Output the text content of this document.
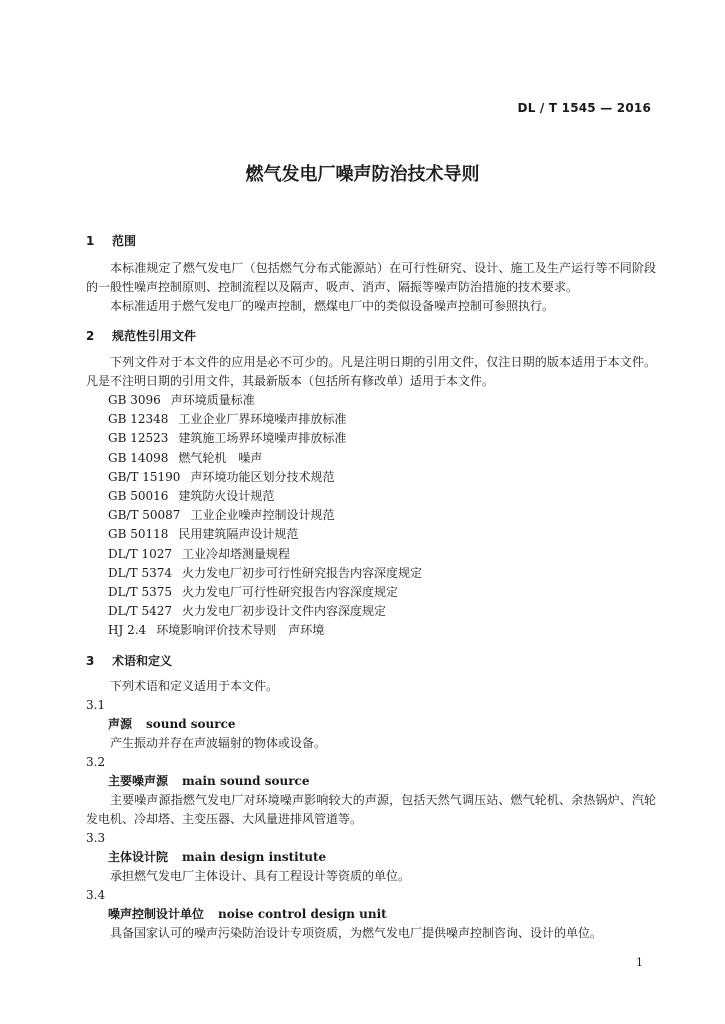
DL / T 1545 — 2016
燃气发电厂噪声防治技术导则
1 范围
本标准规定了燃气发电厂（包括燃气分布式能源站）在可行性研究、设计、施工及生产运行等不同阶段的一般性噪声控制原则、控制流程以及隔声、吸声、消声、隔振等噪声防治措施的技术要求。
本标准适用于燃气发电厂的噪声控制，燃煤电厂中的类似设备噪声控制可参照执行。
2 规范性引用文件
下列文件对于本文件的应用是必不可少的。凡是注明日期的引用文件，仅注日期的版本适用于本文件。凡是不注明日期的引用文件，其最新版本（包括所有修改单）适用于本文件。
GB 3096 声环境质量标准
GB 12348 工业企业厂界环境噪声排放标准
GB 12523 建筑施工场界环境噪声排放标准
GB 14098 燃气轮机　噪声
GB/T 15190 声环境功能区划分技术规范
GB 50016 建筑防火设计规范
GB/T 50087 工业企业噪声控制设计规范
GB 50118 民用建筑隔声设计规范
DL/T 1027 工业冷却塔测量规程
DL/T 5374 火力发电厂初步可行性研究报告内容深度规定
DL/T 5375 火力发电厂可行性研究报告内容深度规定
DL/T 5427 火力发电厂初步设计文件内容深度规定
HJ 2.4 环境影响评价技术导则　声环境
3 术语和定义
下列术语和定义适用于本文件。
3.1
声源 sound source
产生振动并存在声波辐射的物体或设备。
3.2
主要噪声源 main sound source
主要噪声源指燃气发电厂对环境噪声影响较大的声源，包括天然气调压站、燃气轮机、余热锅炉、汽轮发电机、冷却塔、主变压器、大风量进排风管道等。
3.3
主体设计院 main design institute
承担燃气发电厂主体设计、具有工程设计等资质的单位。
3.4
噪声控制设计单位 noise control design unit
具备国家认可的噪声污染防治设计专项资质，为燃气发电厂提供噪声控制咨询、设计的单位。
1
